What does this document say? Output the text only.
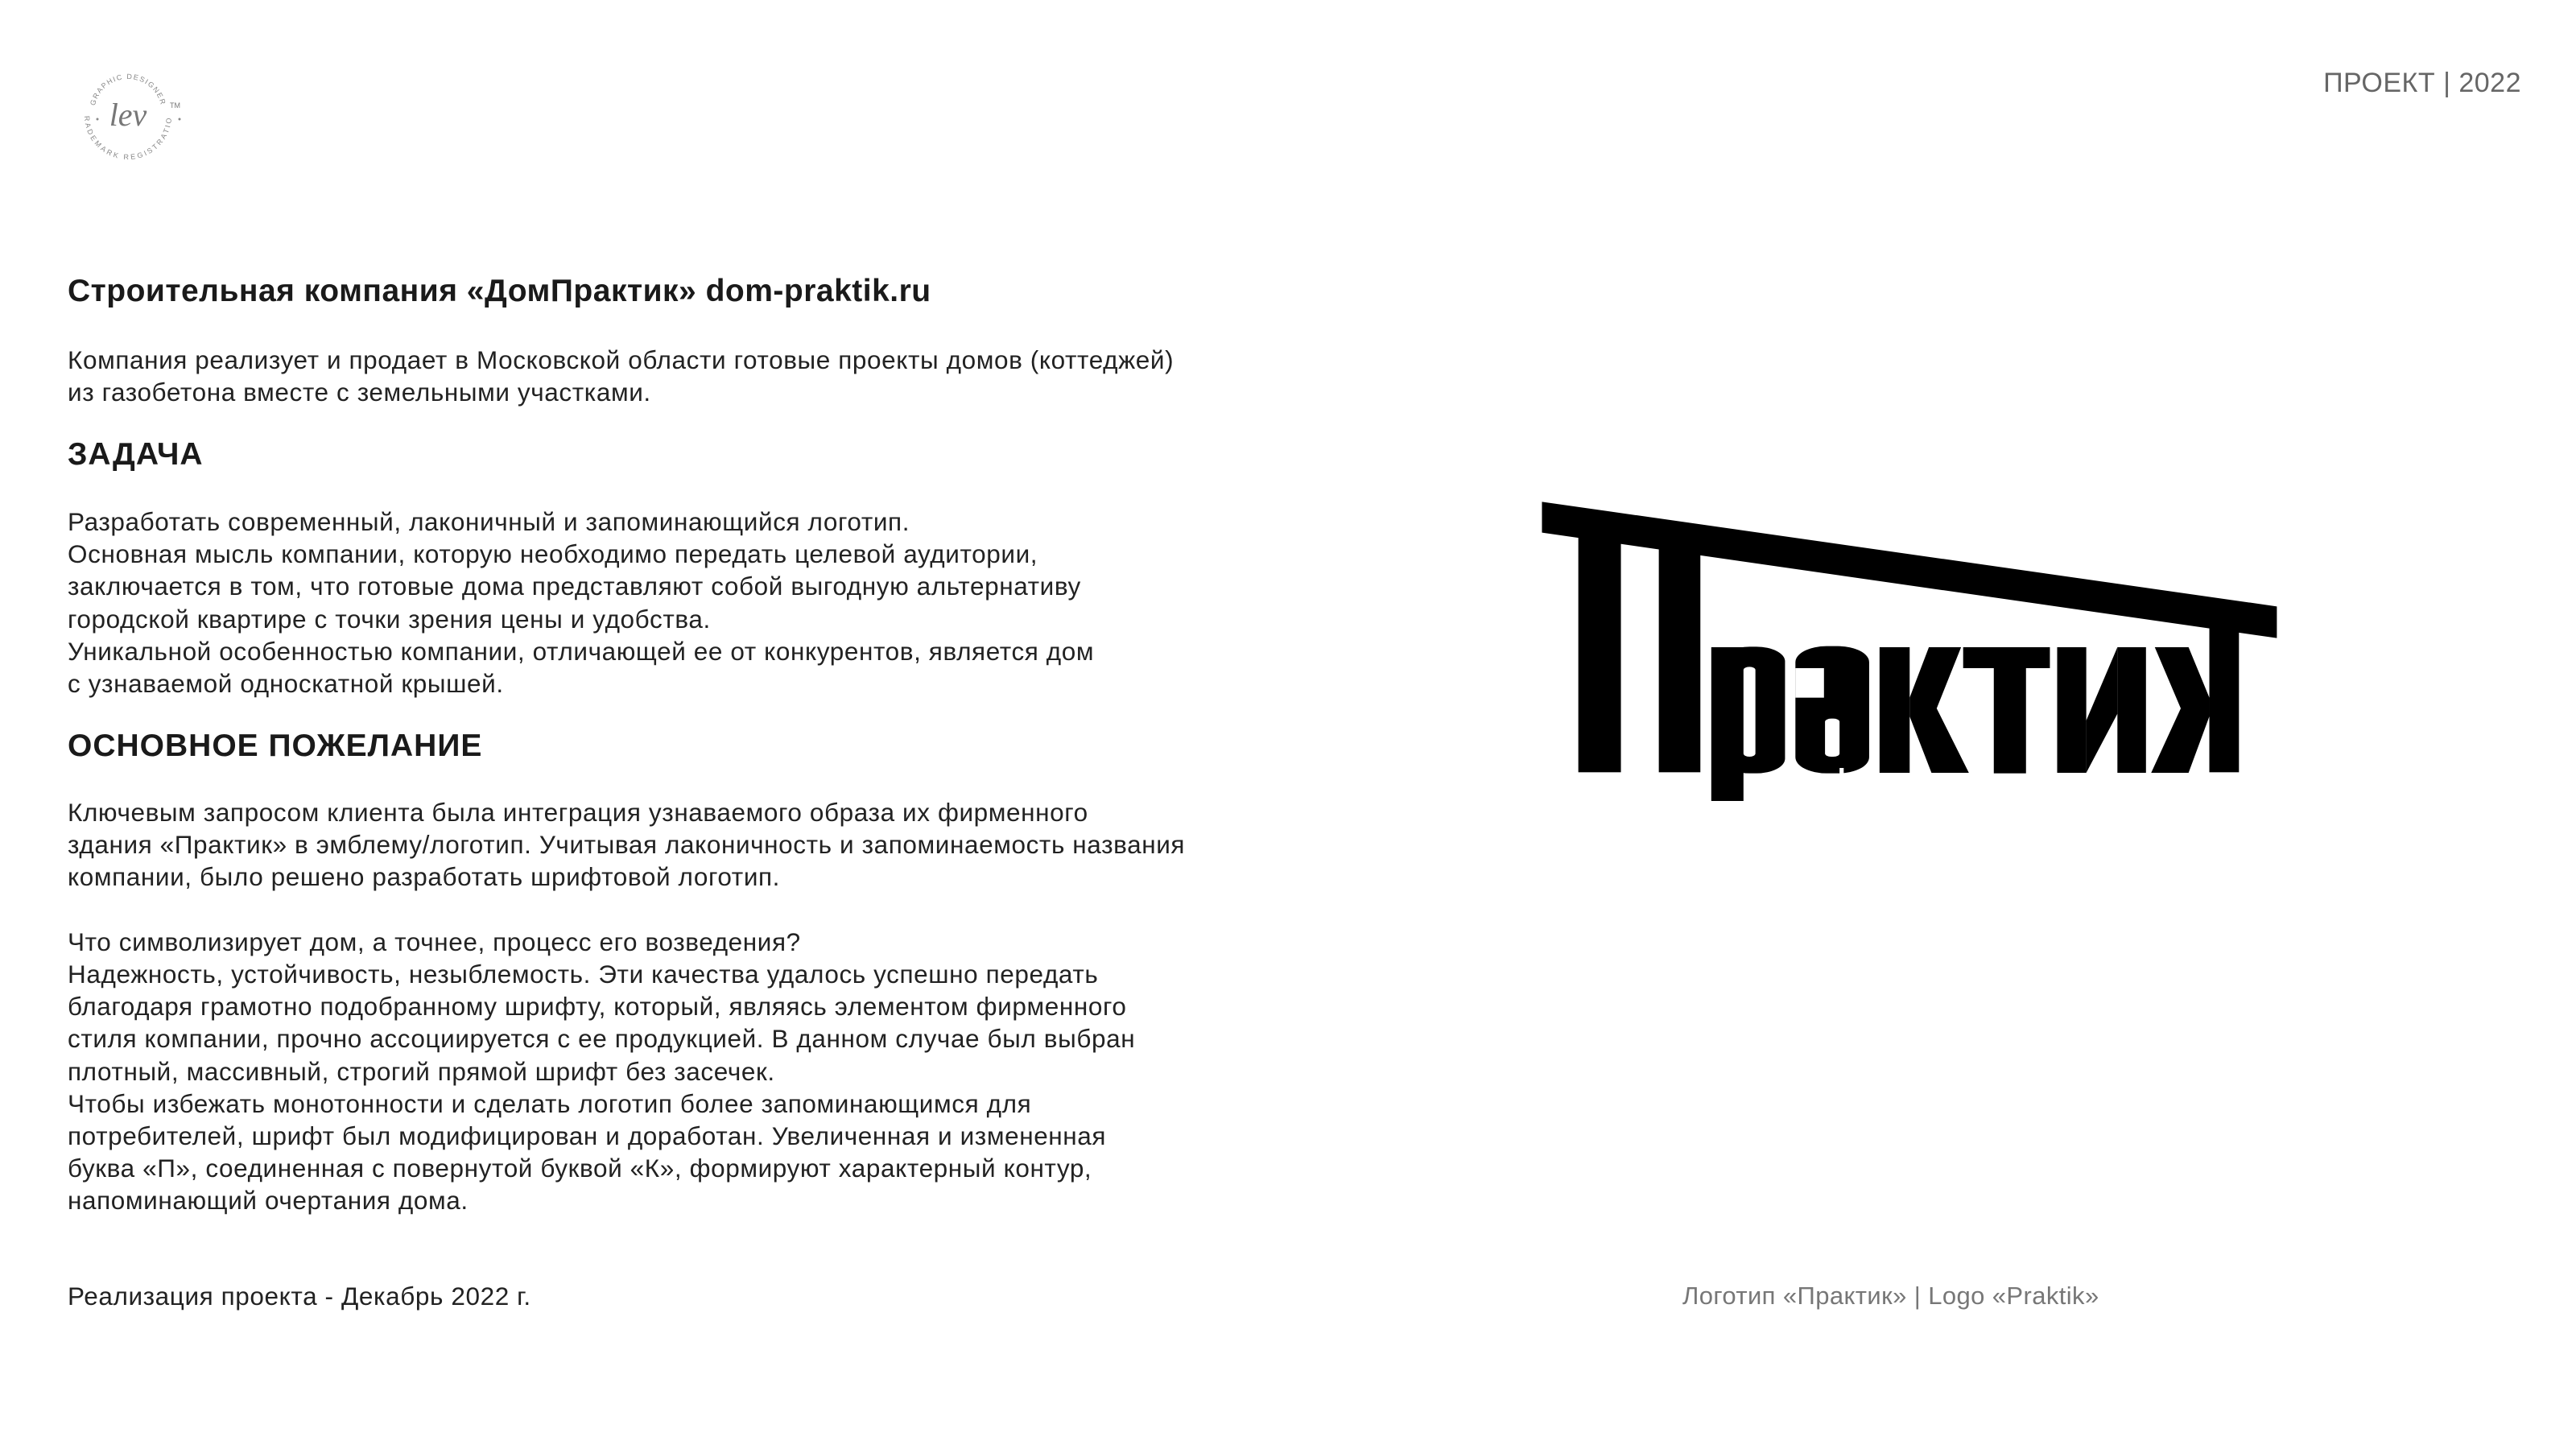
GRAPHIC DESIGNER
RADEMARK REGISTRATIO
lev	TM
ПРОЕКТ | 2022
Строительная компания «ДомПрактик» dom-praktik.ru
Компания реализует и продает в Московской области готовые проекты домов (коттеджей)
из газобетона вместе с земельными участками.
ЗАДАЧА
Разработать современный, лаконичный и запоминающийся логотип.
Основная мысль компании, которую необходимо передать целевой аудитории,
заключается в том, что готовые дома представляют собой выгодную альтернативу
городской квартире с точки зрения цены и удобства.
Уникальной особенностью компании, отличающей ее от конкурентов, является дом
с узнаваемой односкатной крышей.
ОСНОВНОЕ ПОЖЕЛАНИЕ
Ключевым запросом клиента была интеграция узнаваемого образа их фирменного
здания «Практик» в эмблему/логотип. Учитывая лаконичность и запоминаемость названия
компании, было решено разработать шрифтовой логотип.
Что символизирует дом, а точнее, процесс его возведения?
Надежность, устойчивость, незыблемость. Эти качества удалось успешно передать
благодаря грамотно подобранному шрифту, который, являясь элементом фирменного
стиля компании, прочно ассоциируется с ее продукцией. В данном случае был выбран
плотный, массивный, строгий прямой шрифт без засечек.
Чтобы избежать монотонности и сделать логотип более запоминающимся для
потребителей, шрифт был модифицирован и доработан. Увеличенная и измененная
буква «П», соединенная с повернутой буквой «К», формируют характерный контур,
напоминающий очертания дома.
Реализация проекта - Декабрь 2022 г.	Логотип «Практик» | Logo «Praktik»
